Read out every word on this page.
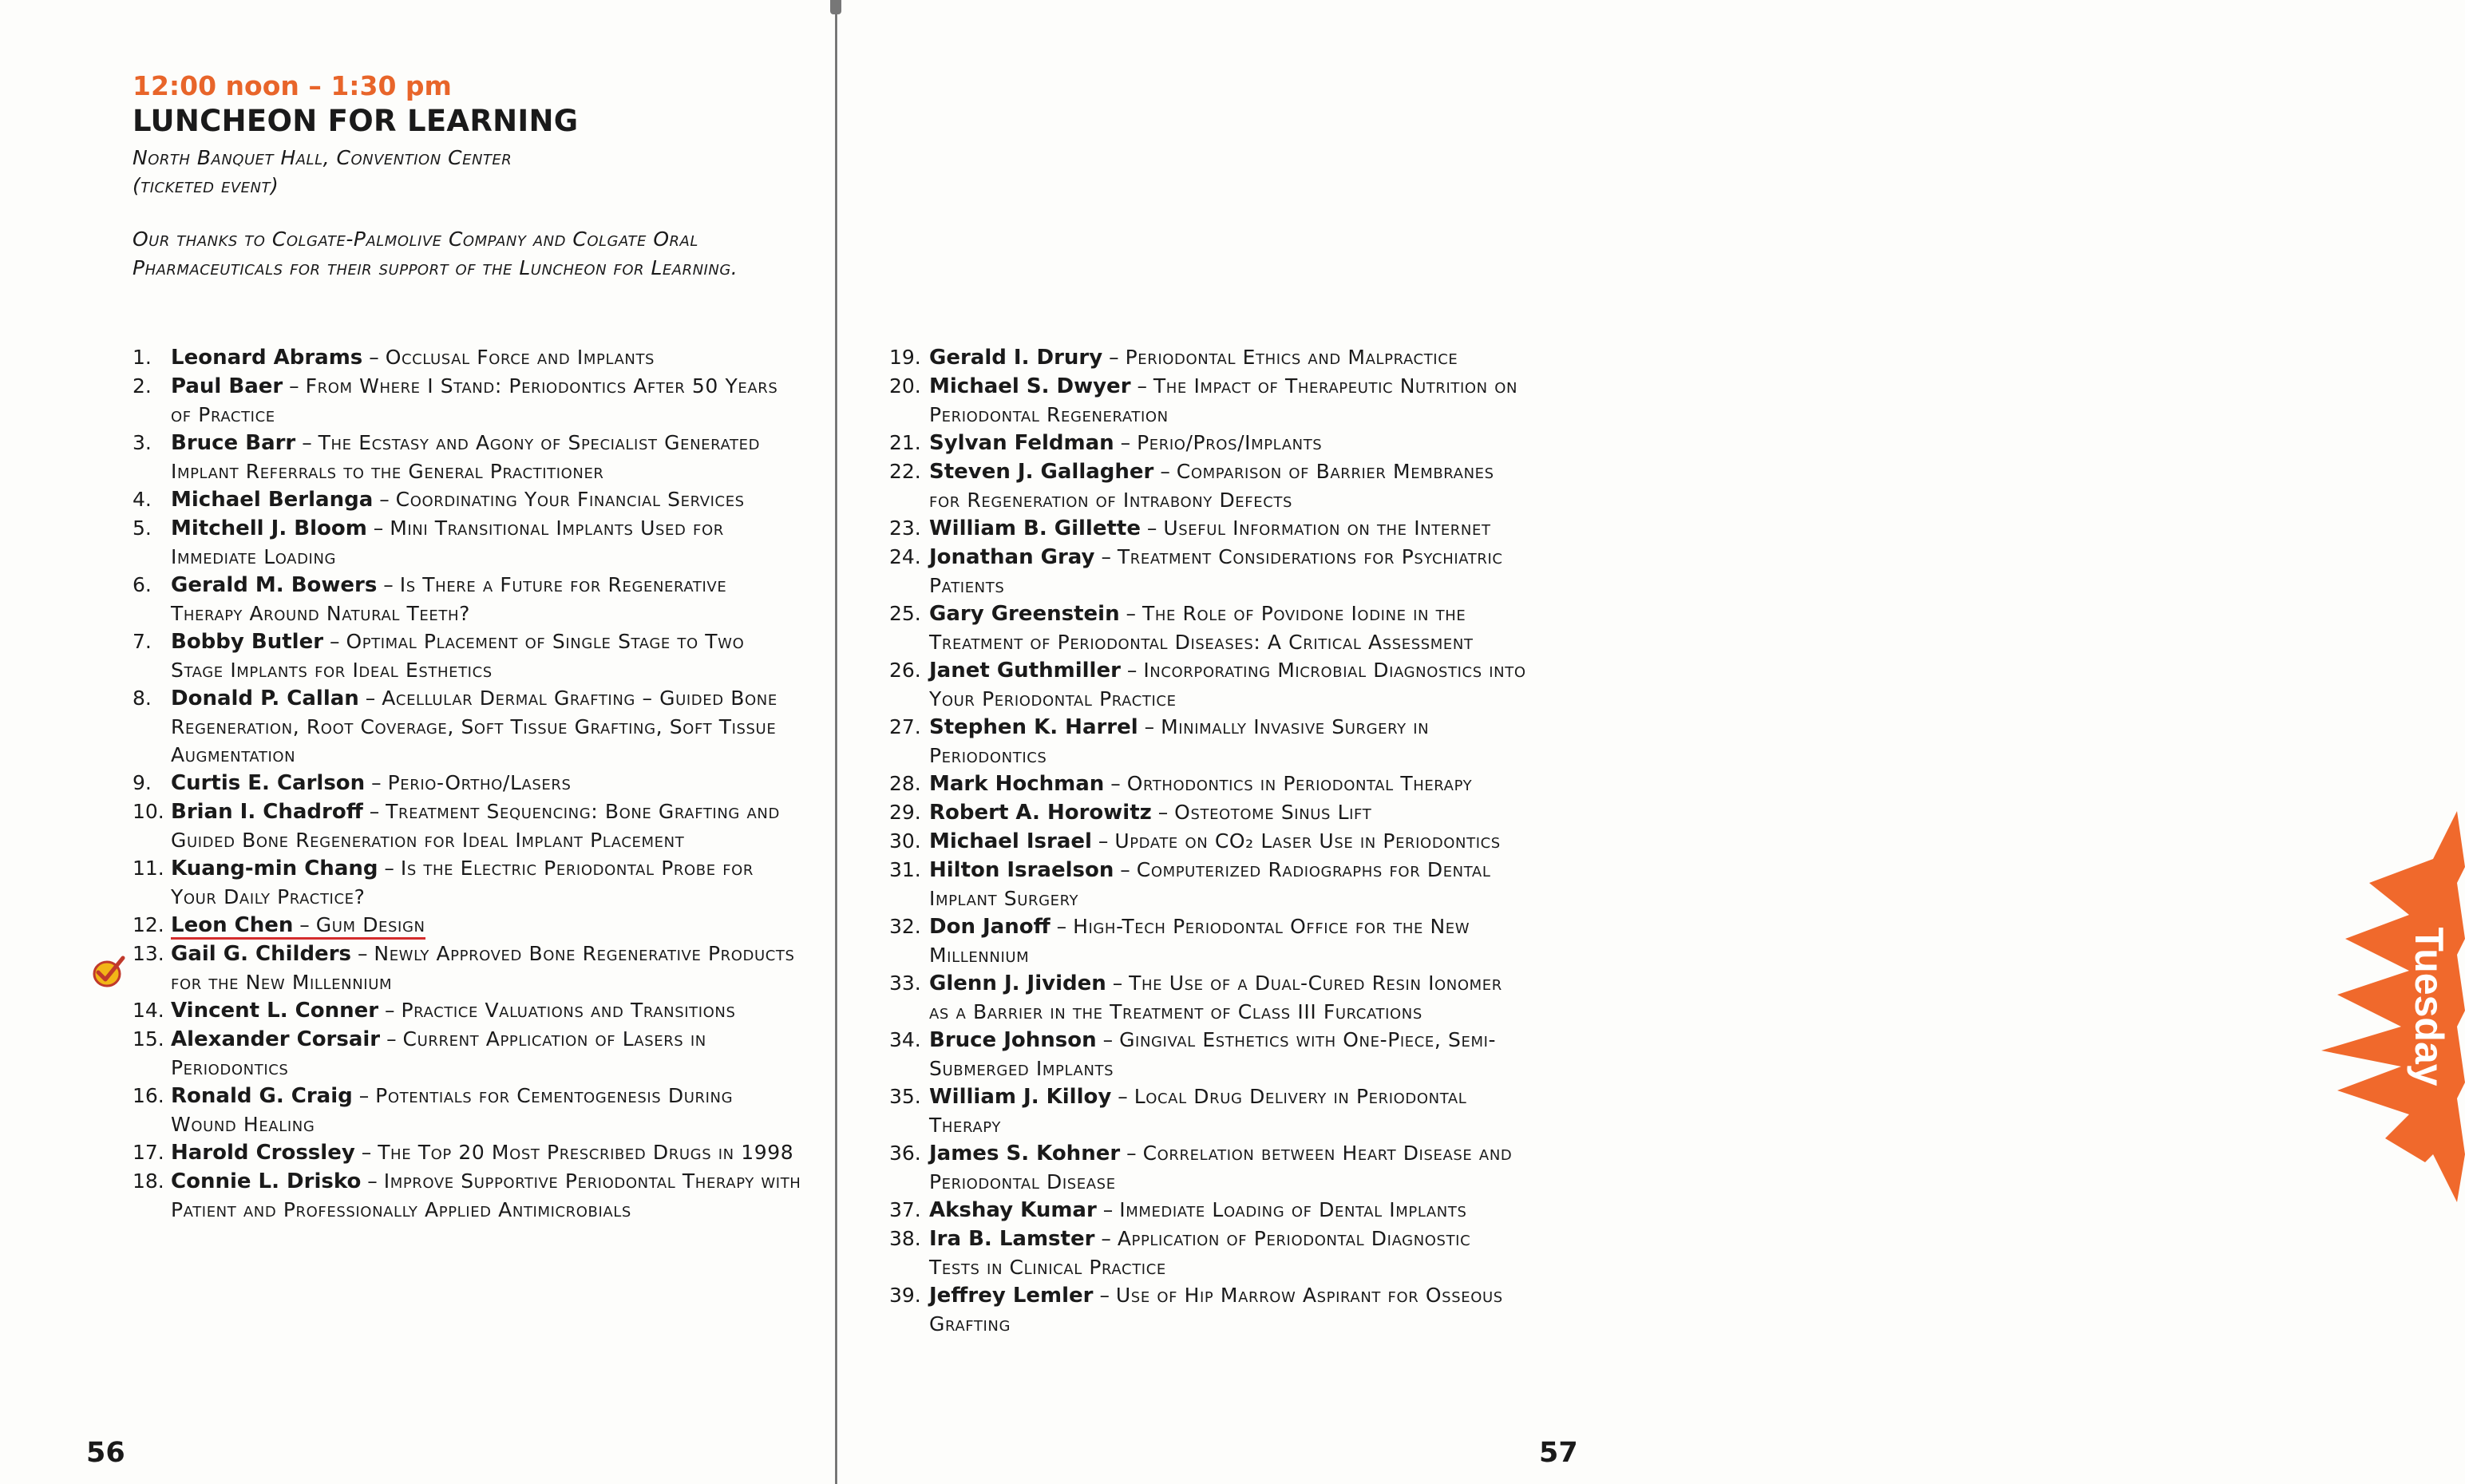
12:00 noon – 1:30 pm
LUNCHEON FOR LEARNING
North Banquet Hall, Convention Center
(ticketed event)
Our thanks to Colgate-Palmolive Company and Colgate Oral Pharmaceuticals for their support of the Luncheon for Learning.
1. Leonard Abrams – Occlusal Force and Implants
2. Paul Baer – From Where I Stand: Periodontics After 50 Years of Practice
3. Bruce Barr – The Ecstasy and Agony of Specialist Generated Implant Referrals to the General Practitioner
4. Michael Berlanga – Coordinating Your Financial Services
5. Mitchell J. Bloom – Mini Transitional Implants Used for Immediate Loading
6. Gerald M. Bowers – Is There a Future for Regenerative Therapy Around Natural Teeth?
7. Bobby Butler – Optimal Placement of Single Stage to Two Stage Implants for Ideal Esthetics
8. Donald P. Callan – Acellular Dermal Grafting – Guided Bone Regeneration, Root Coverage, Soft Tissue Grafting, Soft Tissue Augmentation
9. Curtis E. Carlson – Perio-Ortho/Lasers
10. Brian I. Chadroff – Treatment Sequencing: Bone Grafting and Guided Bone Regeneration for Ideal Implant Placement
11. Kuang-min Chang – Is the Electric Periodontal Probe for Your Daily Practice?
12. Leon Chen – Gum Design
13. Gail G. Childers – Newly Approved Bone Regenerative Products for the New Millennium
14. Vincent L. Conner – Practice Valuations and Transitions
15. Alexander Corsair – Current Application of Lasers in Periodontics
16. Ronald G. Craig – Potentials for Cementogenesis During Wound Healing
17. Harold Crossley – The Top 20 Most Prescribed Drugs in 1998
18. Connie L. Drisko – Improve Supportive Periodontal Therapy with Patient and Professionally Applied Antimicrobials
56
Tuesday
57
19. Gerald I. Drury – Periodontal Ethics and Malpractice
20. Michael S. Dwyer – The Impact of Therapeutic Nutrition on Periodontal Regeneration
21. Sylvan Feldman – Perio/Pros/Implants
22. Steven J. Gallagher – Comparison of Barrier Membranes for Regeneration of Intrabony Defects
23. William B. Gillette – Useful Information on the Internet
24. Jonathan Gray – Treatment Considerations for Psychiatric Patients
25. Gary Greenstein – The Role of Povidone Iodine in the Treatment of Periodontal Diseases: A Critical Assessment
26. Janet Guthmiller – Incorporating Microbial Diagnostics into Your Periodontal Practice
27. Stephen K. Harrel – Minimally Invasive Surgery in Periodontics
28. Mark Hochman – Orthodontics in Periodontal Therapy
29. Robert A. Horowitz – Osteotome Sinus Lift
30. Michael Israel – Update on CO₂ Laser Use in Periodontics
31. Hilton Israelson – Computerized Radiographs for Dental Implant Surgery
32. Don Janoff – High-Tech Periodontal Office for the New Millennium
33. Glenn J. Jividen – The Use of a Dual-Cured Resin Ionomer as a Barrier in the Treatment of Class III Furcations
34. Bruce Johnson – Gingival Esthetics with One-Piece, Semi-Submerged Implants
35. William J. Killoy – Local Drug Delivery in Periodontal Therapy
36. James S. Kohner – Correlation between Heart Disease and Periodontal Disease
37. Akshay Kumar – Immediate Loading of Dental Implants
38. Ira B. Lamster – Application of Periodontal Diagnostic Tests in Clinical Practice
39. Jeffrey Lemler – Use of Hip Marrow Aspirant for Osseous Grafting
